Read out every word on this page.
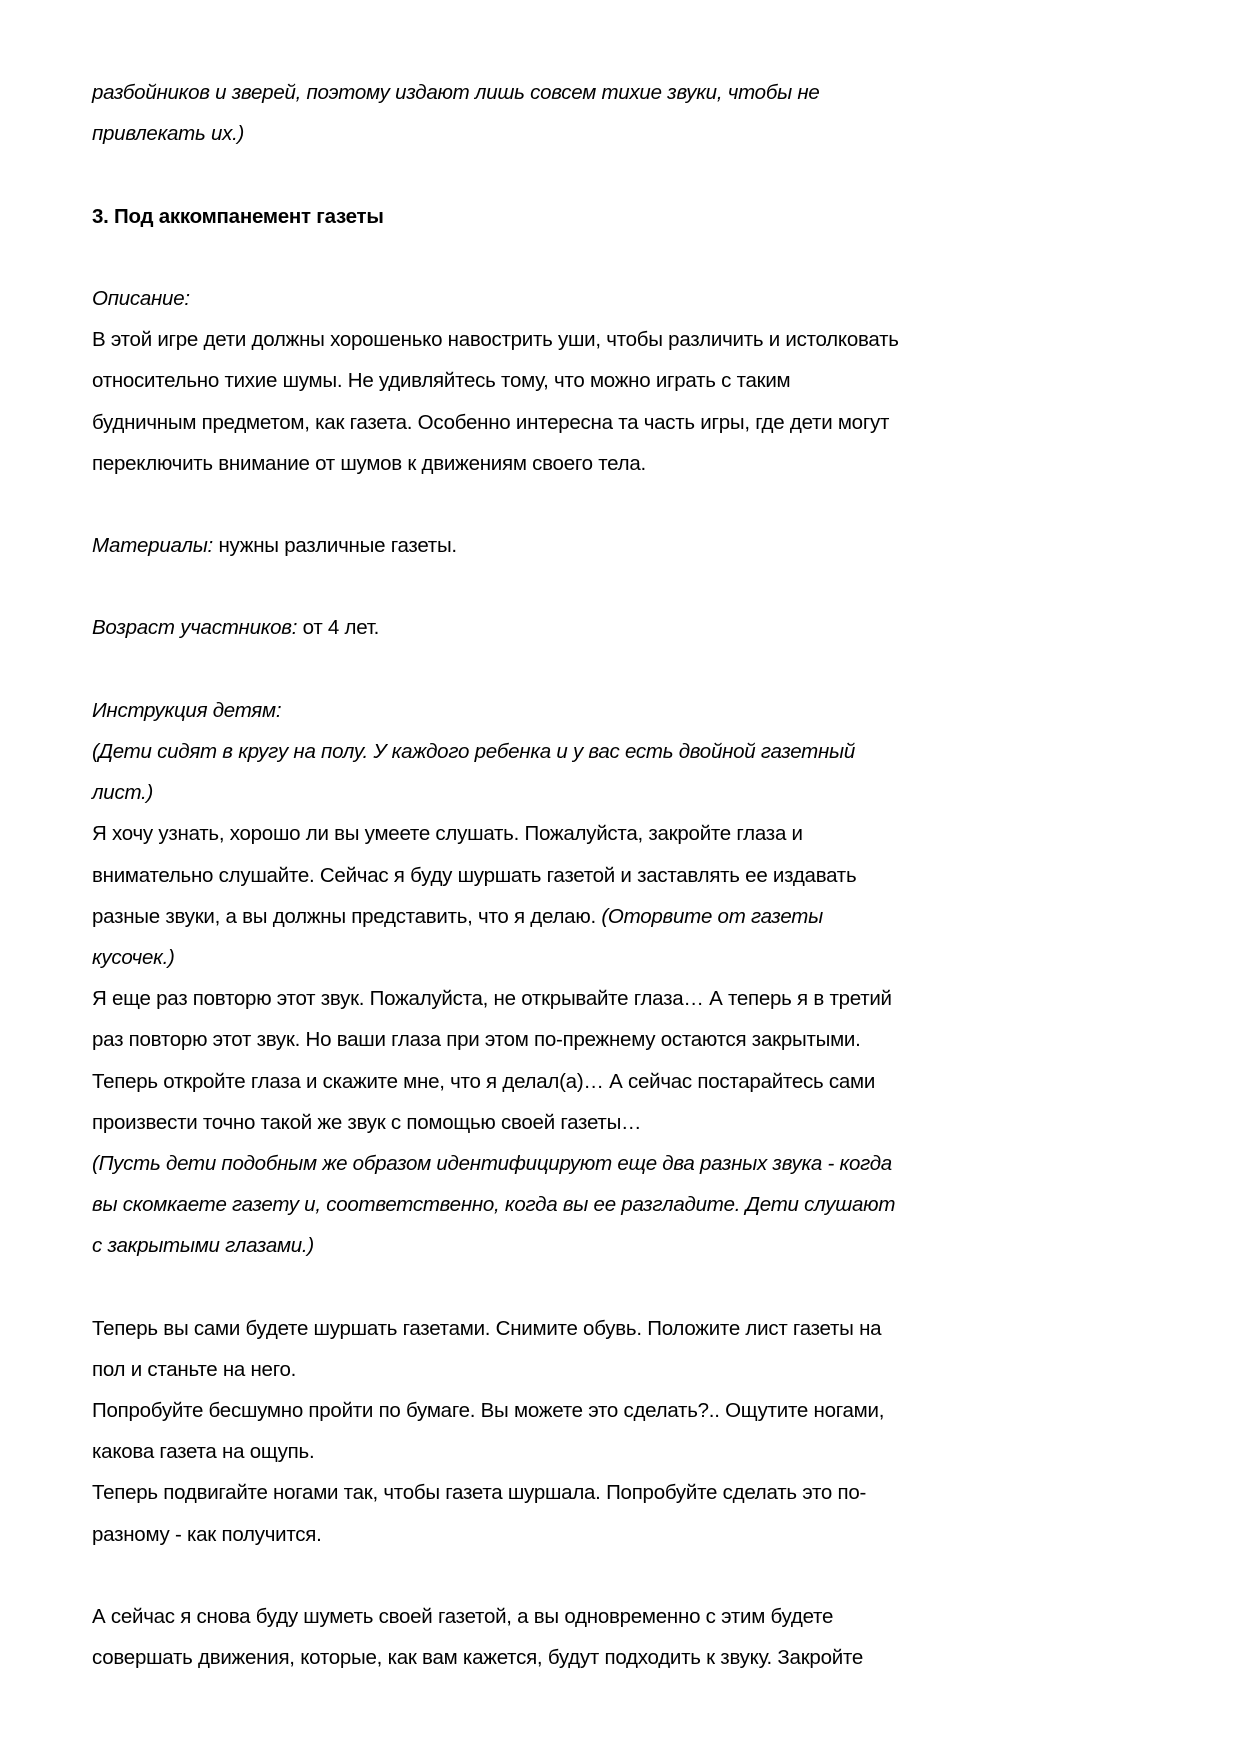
разбойников и зверей, поэтому издают лишь совсем тихие звуки, чтобы не
привлекать их.)
3. Под аккомпанемент газеты
Описание:
В этой игре дети должны хорошенько навострить уши, чтобы различить и истолковать
относительно тихие шумы. Не удивляйтесь тому, что можно играть с таким
будничным предметом, как газета. Особенно интересна та часть игры, где дети могут
переключить внимание от шумов к движениям своего тела.
Материалы: нужны различные газеты.
Возраст участников: от 4 лет.
Инструкция детям:
(Дети сидят в кругу на полу. У каждого ребенка и у вас есть двойной газетный
лист.)
Я хочу узнать, хорошо ли вы умеете слушать. Пожалуйста, закройте глаза и
внимательно слушайте. Сейчас я буду шуршать газетой и заставлять ее издавать
разные звуки, а вы должны представить, что я делаю. (Оторвите от газеты
кусочек.)
Я еще раз повторю этот звук. Пожалуйста, не открывайте глаза… А теперь я в третий
раз повторю этот звук. Но ваши глаза при этом по-прежнему остаются закрытыми.
Теперь откройте глаза и скажите мне, что я делал(а)… А сейчас постарайтесь сами
произвести точно такой же звук с помощью своей газеты…
(Пусть дети подобным же образом идентифицируют еще два разных звука - когда
вы скомкаете газету и, соответственно, когда вы ее разгладите. Дети слушают
с закрытыми глазами.)
Теперь вы сами будете шуршать газетами. Снимите обувь. Положите лист газеты на
пол и станьте на него.
Попробуйте бесшумно пройти по бумаге. Вы можете это сделать?.. Ощутите ногами,
какова газета на ощупь.
Теперь подвигайте ногами так, чтобы газета шуршала. Попробуйте сделать это по-
разному - как получится.
А сейчас я снова буду шуметь своей газетой, а вы одновременно с этим будете
совершать движения, которые, как вам кажется, будут подходить к звуку. Закройте
